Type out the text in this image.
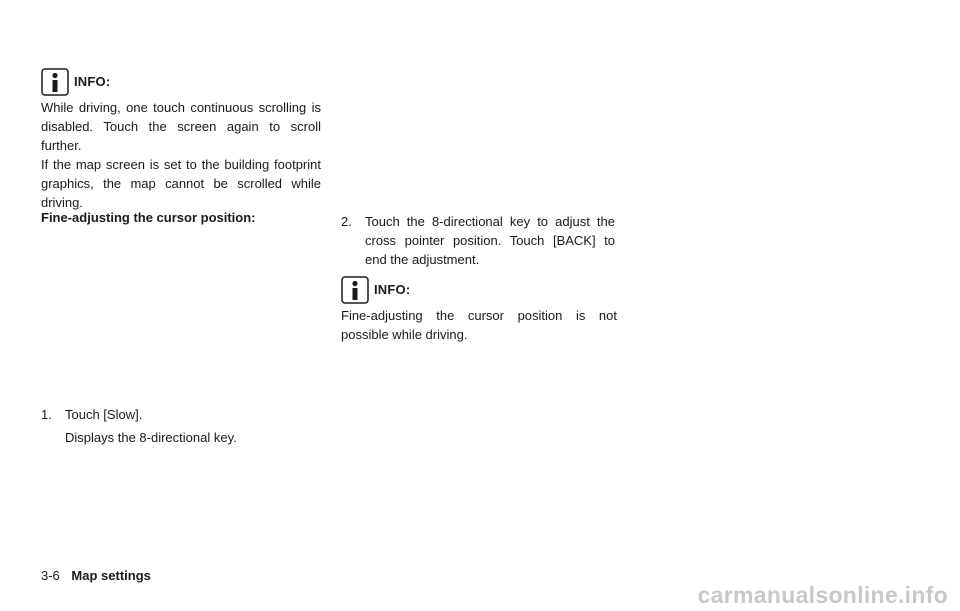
INFO:
While driving, one touch continuous scrolling is disabled. Touch the screen again to scroll further.
If the map screen is set to the building footprint graphics, the map cannot be scrolled while driving.
Fine-adjusting the cursor position:
1.	Touch [Slow].
Displays the 8-directional key.
2.	Touch the 8-directional key to adjust the cross pointer position. Touch [BACK] to end the adjustment.
INFO:
Fine-adjusting the cursor position is not possible while driving.
3-6 Map settings
carmanualsonline.info
